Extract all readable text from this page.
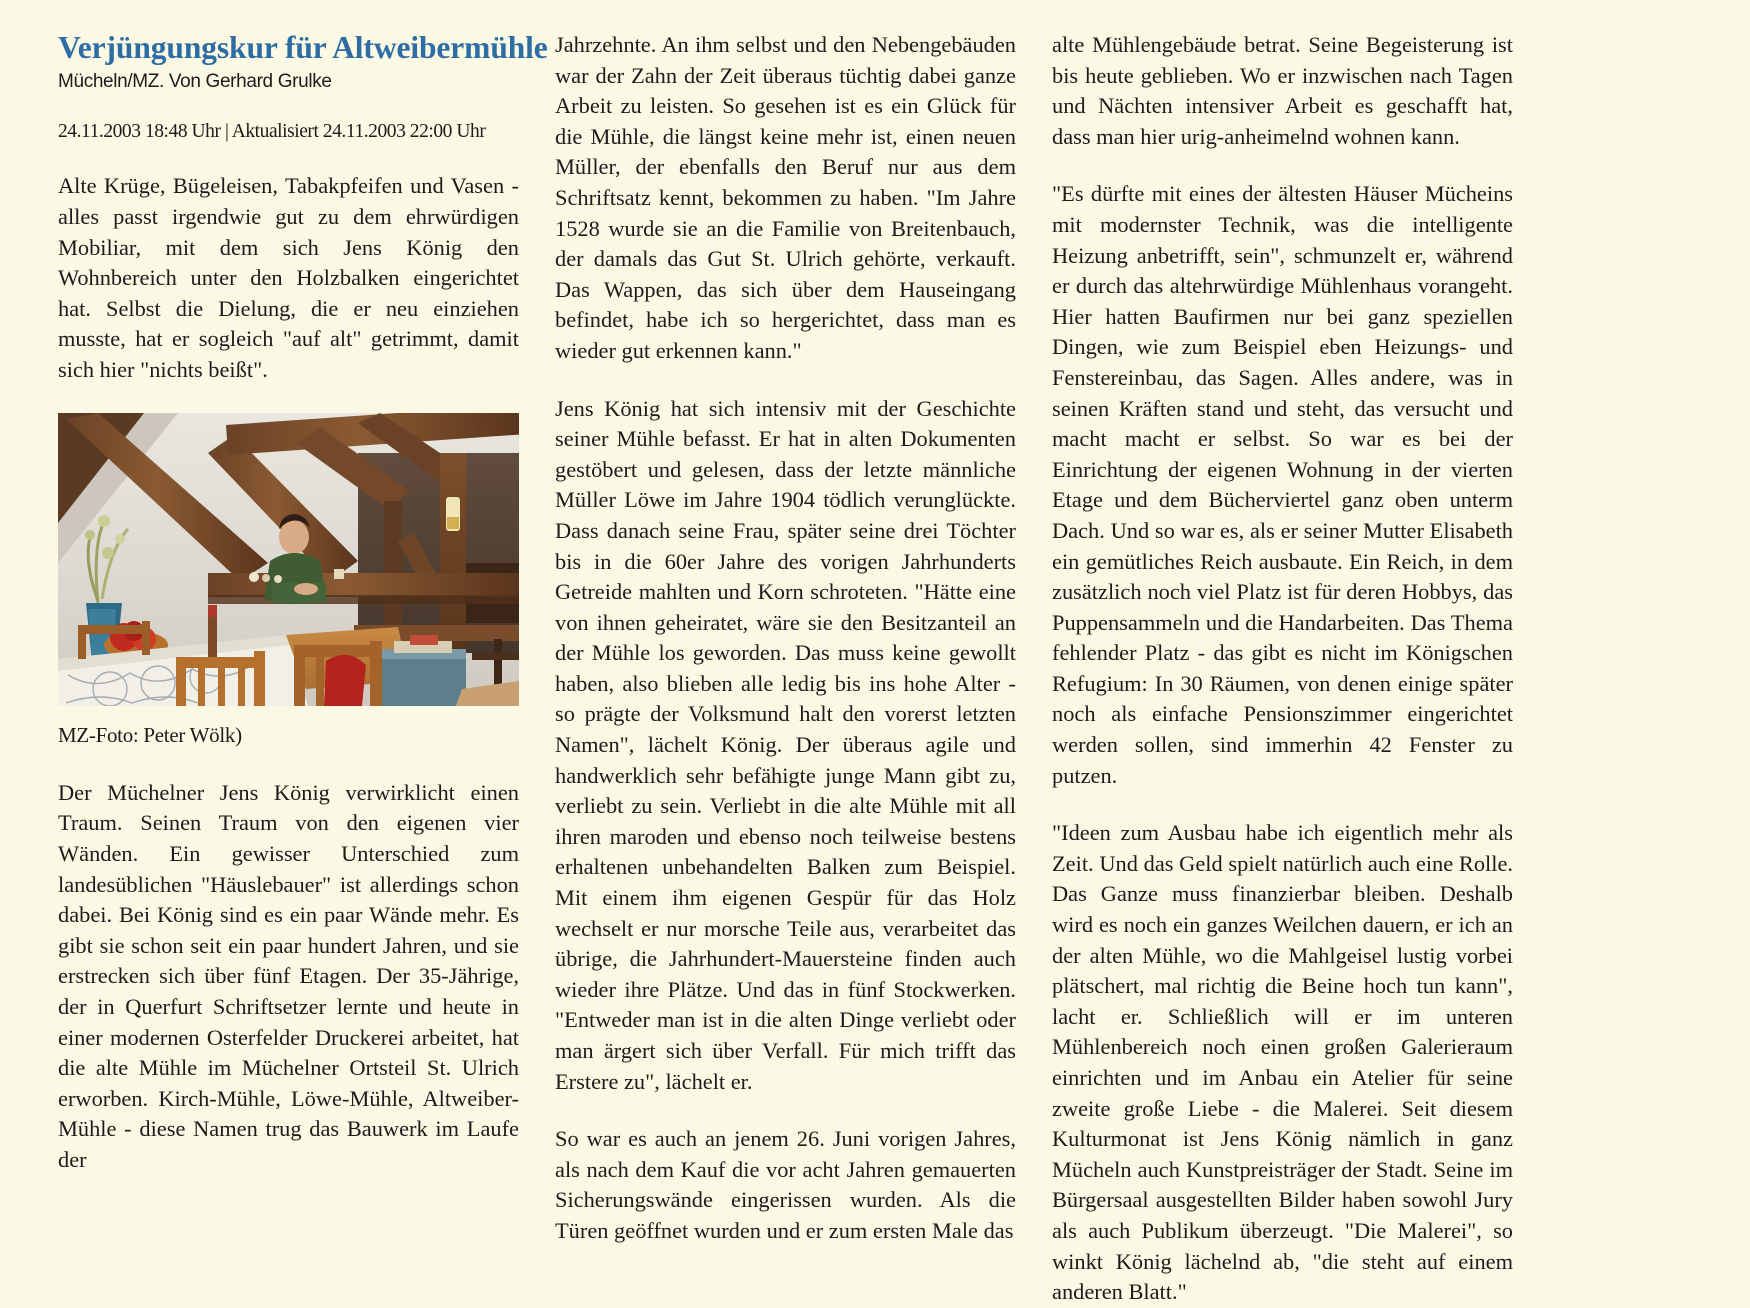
Verjüngungskur für Altweibermühle
Mücheln/MZ. Von Gerhard Grulke
24.11.2003 18:48 Uhr | Aktualisiert 24.11.2003 22:00 Uhr

Alte Krüge, Bügeleisen, Tabakpfeifen und Vasen - alles passt irgendwie gut zu dem ehrwürdigen Mobiliar, mit dem sich Jens König den Wohnbereich unter den Holzbalken eingerichtet hat. Selbst die Dielung, die er neu einziehen musste, hat er sogleich "auf alt" getrimmt, damit sich hier "nichts beißt".

MZ-Foto: Peter Wölk)

Der Müchelner Jens König verwirklicht einen Traum. Seinen Traum von den eigenen vier Wänden. Ein gewisser Unterschied zum landesüblichen "Häuslebauer" ist allerdings schon dabei. Bei König sind es ein paar Wände mehr. Es gibt sie schon seit ein paar hundert Jahren, und sie erstrecken sich über fünf Etagen. Der 35-Jährige, der in Querfurt Schriftsetzer lernte und heute in einer modernen Osterfelder Druckerei arbeitet, hat die alte Mühle im Müchelner Ortsteil St. Ulrich erworben. Kirch-Mühle, Löwe-Mühle, Altweiber-Mühle - diese Namen trug das Bauwerk im Laufe der

Jahrzehnte. An ihm selbst und den Nebengebäuden war der Zahn der Zeit überaus tüchtig dabei ganze Arbeit zu leisten. So gesehen ist es ein Glück für die Mühle, die längst keine mehr ist, einen neuen Müller, der ebenfalls den Beruf nur aus dem Schriftsatz kennt, bekommen zu haben. "Im Jahre 1528 wurde sie an die Familie von Breitenbauch, der damals das Gut St. Ulrich gehörte, verkauft. Das Wappen, das sich über dem Hauseingang befindet, habe ich so hergerichtet, dass man es wieder gut erkennen kann."

Jens König hat sich intensiv mit der Geschichte seiner Mühle befasst. Er hat in alten Dokumenten gestöbert und gelesen, dass der letzte männliche Müller Löwe im Jahre 1904 tödlich verunglückte. Dass danach seine Frau, später seine drei Töchter bis in die 60er Jahre des vorigen Jahrhunderts Getreide mahlten und Korn schroteten. "Hätte eine von ihnen geheiratet, wäre sie den Besitzanteil an der Mühle los geworden. Das muss keine gewollt haben, also blieben alle ledig bis ins hohe Alter - so prägte der Volksmund halt den vorerst letzten Namen", lächelt König. Der überaus agile und handwerklich sehr befähigte junge Mann gibt zu, verliebt zu sein. Verliebt in die alte Mühle mit all ihren maroden und ebenso noch teilweise bestens erhaltenen unbehandelten Balken zum Beispiel. Mit einem ihm eigenen Gespür für das Holz wechselt er nur morsche Teile aus, verarbeitet das übrige, die Jahrhundert-Mauersteine finden auch wieder ihre Plätze. Und das in fünf Stockwerken. "Entweder man ist in die alten Dinge verliebt oder man ärgert sich über Verfall. Für mich trifft das Erstere zu", lächelt er.

So war es auch an jenem 26. Juni vorigen Jahres, als nach dem Kauf die vor acht Jahren gemauerten Sicherungswände eingerissen wurden. Als die Türen geöffnet wurden und er zum ersten Male das

alte Mühlengebäude betrat. Seine Begeisterung ist bis heute geblieben. Wo er inzwischen nach Tagen und Nächten intensiver Arbeit es geschafft hat, dass man hier urig-anheimelnd wohnen kann.

"Es dürfte mit eines der ältesten Häuser Mücheins mit modernster Technik, was die intelligente Heizung anbetrifft, sein", schmunzelt er, während er durch das altehrwürdige Mühlenhaus vorangeht. Hier hatten Baufirmen nur bei ganz speziellen Dingen, wie zum Beispiel eben Heizungs- und Fenstereinbau, das Sagen. Alles andere, was in seinen Kräften stand und steht, das versucht und macht macht er selbst. So war es bei der Einrichtung der eigenen Wohnung in der vierten Etage und dem Bücherviertel ganz oben unterm Dach. Und so war es, als er seiner Mutter Elisabeth ein gemütliches Reich ausbaute. Ein Reich, in dem zusätzlich noch viel Platz ist für deren Hobbys, das Puppensammeln und die Handarbeiten. Das Thema fehlender Platz - das gibt es nicht im Königschen Refugium: In 30 Räumen, von denen einige später noch als einfache Pensionszimmer eingerichtet werden sollen, sind immerhin 42 Fenster zu putzen.

"Ideen zum Ausbau habe ich eigentlich mehr als Zeit. Und das Geld spielt natürlich auch eine Rolle. Das Ganze muss finanzierbar bleiben. Deshalb wird es noch ein ganzes Weilchen dauern, er ich an der alten Mühle, wo die Mahlgeisel lustig vorbei plätschert, mal richtig die Beine hoch tun kann", lacht er. Schließlich will er im unteren Mühlenbereich noch einen großen Galerieraum einrichten und im Anbau ein Atelier für seine zweite große Liebe - die Malerei. Seit diesem Kulturmonat ist Jens König nämlich in ganz Mücheln auch Kunstpreisträger der Stadt. Seine im Bürgersaal ausgestellten Bilder haben sowohl Jury als auch Publikum überzeugt. "Die Malerei", so winkt König lächelnd ab, "die steht auf einem anderen Blatt."
